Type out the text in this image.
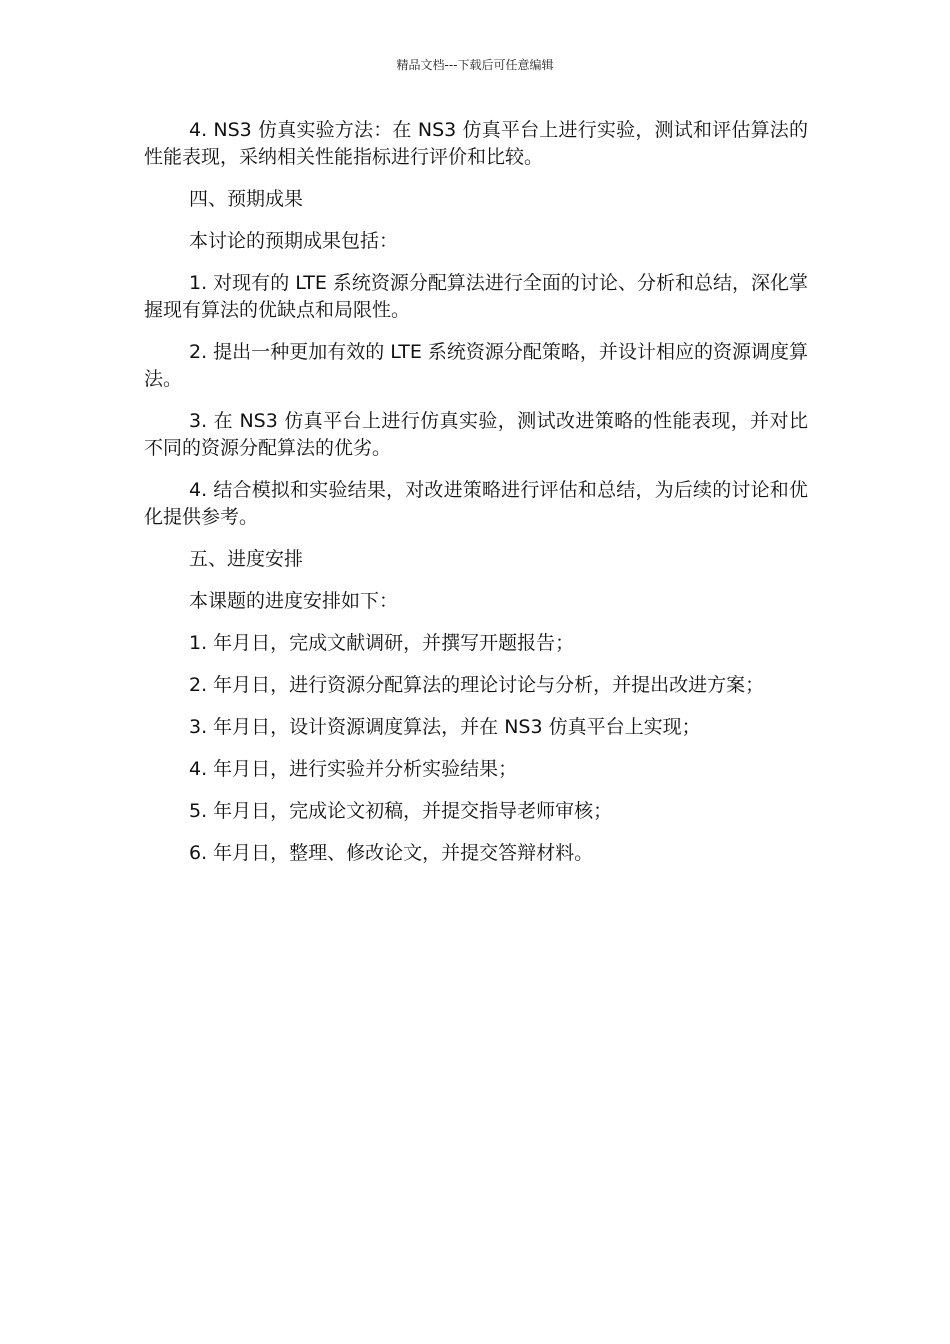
精品文档---下载后可任意编辑

4. NS3 仿真实验方法：在 NS3 仿真平台上进行实验，测试和评估算法的性能表现，采纳相关性能指标进行评价和比较。

四、预期成果

本讨论的预期成果包括：

1. 对现有的 LTE 系统资源分配算法进行全面的讨论、分析和总结，深化掌握现有算法的优缺点和局限性。

2. 提出一种更加有效的 LTE 系统资源分配策略，并设计相应的资源调度算法。

3. 在 NS3 仿真平台上进行仿真实验，测试改进策略的性能表现，并对比不同的资源分配算法的优劣。

4. 结合模拟和实验结果，对改进策略进行评估和总结，为后续的讨论和优化提供参考。

五、进度安排

本课题的进度安排如下：

1. 年月日，完成文献调研，并撰写开题报告；

2. 年月日，进行资源分配算法的理论讨论与分析，并提出改进方案；

3. 年月日，设计资源调度算法，并在 NS3 仿真平台上实现；

4. 年月日，进行实验并分析实验结果；

5. 年月日，完成论文初稿，并提交指导老师审核；

6. 年月日，整理、修改论文，并提交答辩材料。
